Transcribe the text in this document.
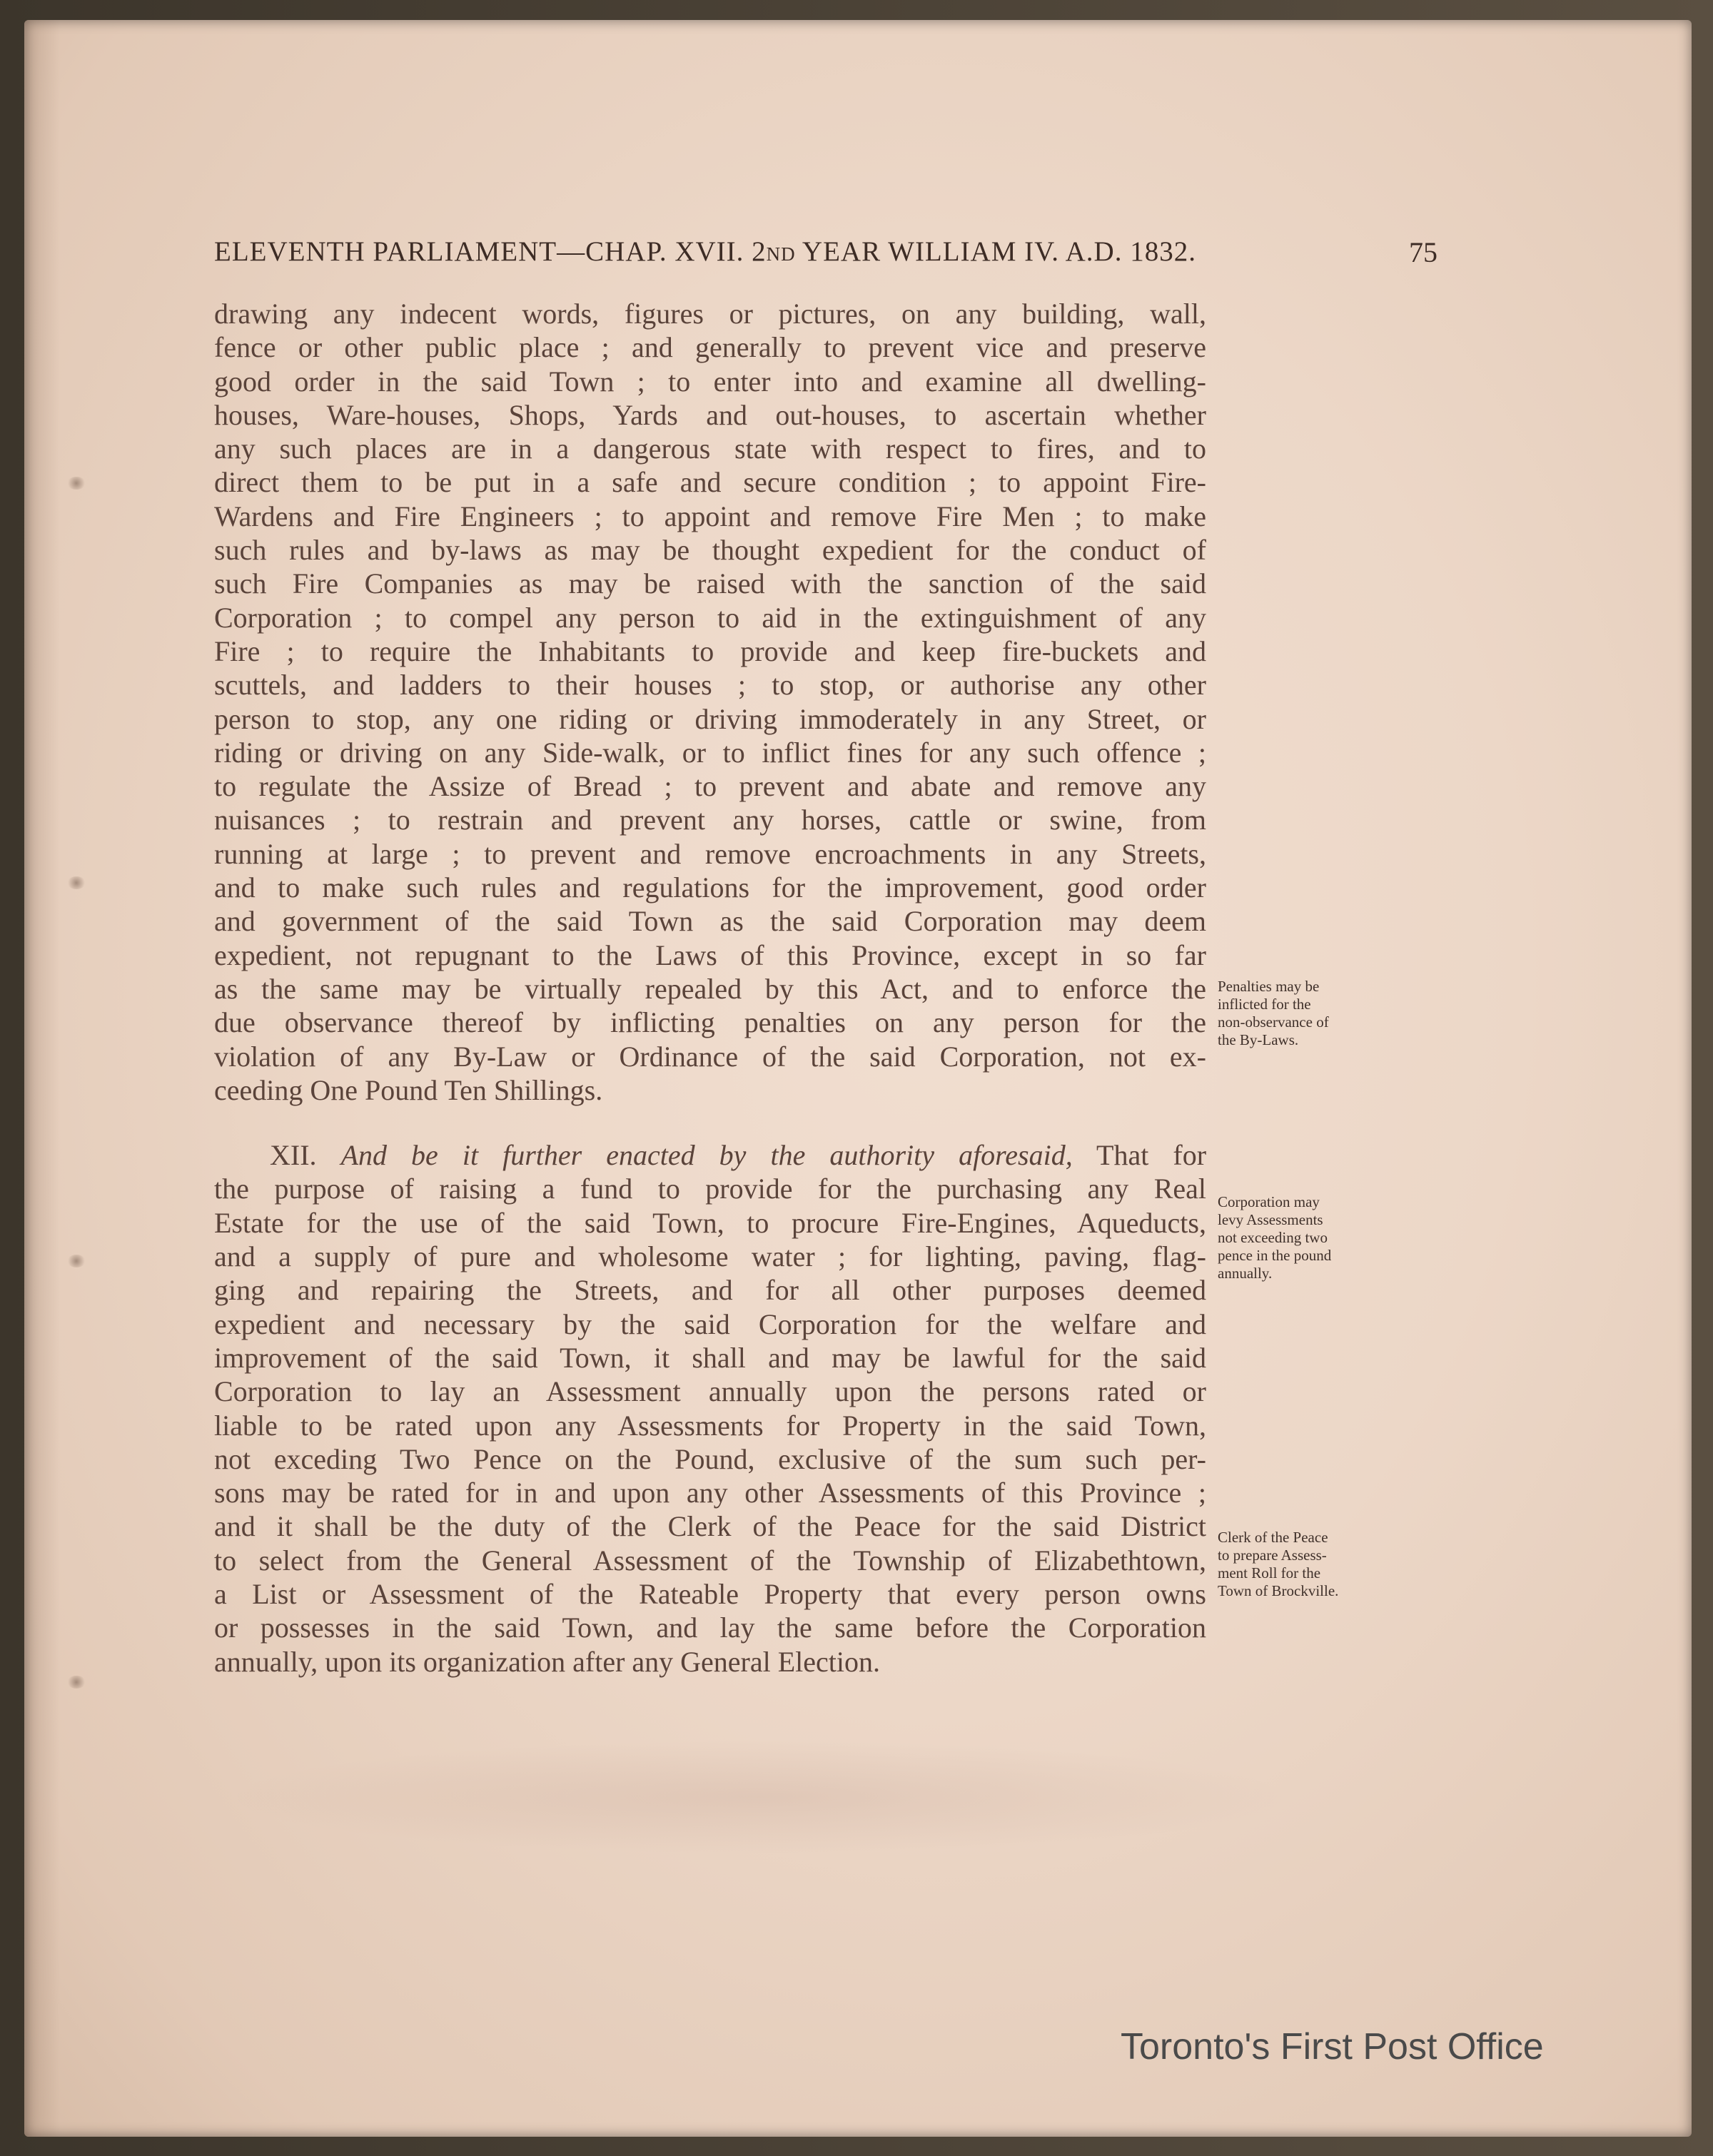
ELEVENTH PARLIAMENT—CHAP. XVII. 2nd YEAR WILLIAM IV. A.D. 1832.	75
drawing any indecent words, figures or pictures, on any building, wall,
fence or other public place ; and generally to prevent vice and preserve
good order in the said Town ; to enter into and examine all dwelling-
houses, Ware-houses, Shops, Yards and out-houses, to ascertain whether
any such places are in a dangerous state with respect to fires, and to
direct them to be put in a safe and secure condition ; to appoint Fire-
Wardens and Fire Engineers ; to appoint and remove Fire Men ; to make
such rules and by-laws as may be thought expedient for the conduct of
such Fire Companies as may be raised with the sanction of the said
Corporation ; to compel any person to aid in the extinguishment of any
Fire ; to require the Inhabitants to provide and keep fire-buckets and
scuttels, and ladders to their houses ; to stop, or authorise any other
person to stop, any one riding or driving immoderately in any Street, or
riding or driving on any Side-walk, or to inflict fines for any such offence ;
to regulate the Assize of Bread ; to prevent and abate and remove any
nuisances ; to restrain and prevent any horses, cattle or swine, from
running at large ; to prevent and remove encroachments in any Streets,
and to make such rules and regulations for the improvement, good order
and government of the said Town as the said Corporation may deem
expedient, not repugnant to the Laws of this Province, except in so far
as the same may be virtually repealed by this Act, and to enforce the
due observance thereof by inflicting penalties on any person for the
violation of any By-Law or Ordinance of the said Corporation, not ex-
ceeding One Pound Ten Shillings.
XII. And be it further enacted by the authority aforesaid, That for
the purpose of raising a fund to provide for the purchasing any Real
Estate for the use of the said Town, to procure Fire-Engines, Aqueducts,
and a supply of pure and wholesome water ; for lighting, paving, flag-
ging and repairing the Streets, and for all other purposes deemed
expedient and necessary by the said Corporation for the welfare and
improvement of the said Town, it shall and may be lawful for the said
Corporation to lay an Assessment annually upon the persons rated or
liable to be rated upon any Assessments for Property in the said Town,
not exceding Two Pence on the Pound, exclusive of the sum such per-
sons may be rated for in and upon any other Assessments of this Province ;
and it shall be the duty of the Clerk of the Peace for the said District
to select from the General Assessment of the Township of Elizabethtown,
a List or Assessment of the Rateable Property that every person owns
or possesses in the said Town, and lay the same before the Corporation
annually, upon its organization after any General Election.
Penalties may be
inflicted for the
non-observance of
the By-Laws.
Corporation may
levy Assessments
not exceeding two
pence in the pound
annually.
Clerk of the Peace
to prepare Assess-
ment Roll for the
Town of Brockville.
Toronto's First Post Office
